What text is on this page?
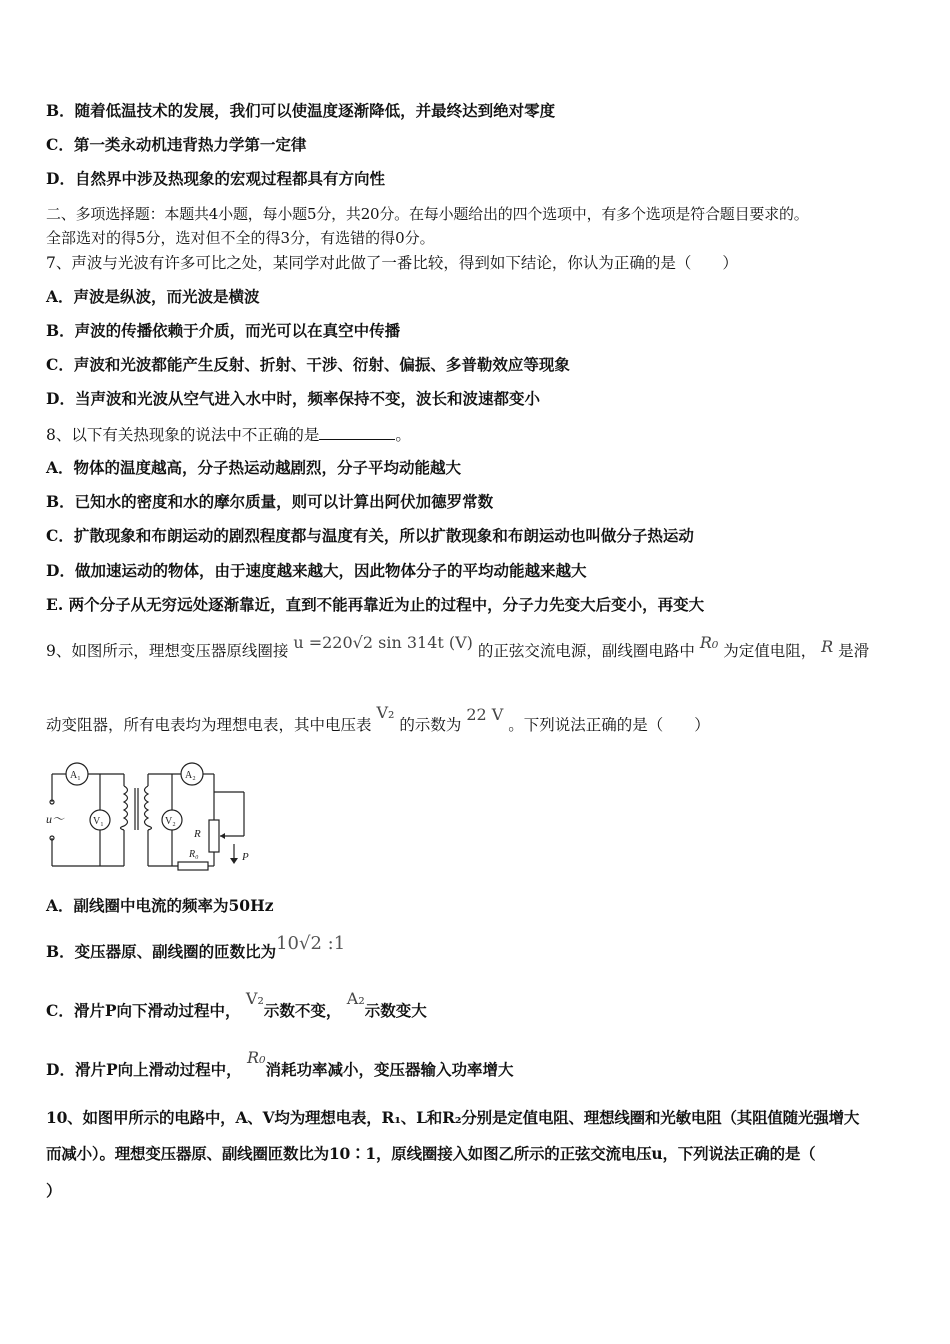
B．随着低温技术的发展，我们可以使温度逐渐降低，并最终达到绝对零度
C．第一类永动机违背热力学第一定律
D．自然界中涉及热现象的宏观过程都具有方向性
二、多项选择题：本题共4小题，每小题5分，共20分。在每小题给出的四个选项中，有多个选项是符合题目要求的。
全部选对的得5分，选对但不全的得3分，有选错的得0分。
7、声波与光波有许多可比之处，某同学对此做了一番比较，得到如下结论，你认为正确的是（　　）
A．声波是纵波，而光波是横波
B．声波的传播依赖于介质，而光可以在真空中传播
C．声波和光波都能产生反射、折射、干涉、衍射、偏振、多普勒效应等现象
D．当声波和光波从空气进入水中时，频率保持不变，波长和波速都变小
8、以下有关热现象的说法中不正确的是	。
A．物体的温度越高，分子热运动越剧烈，分子平均动能越大
B．已知水的密度和水的摩尔质量，则可以计算出阿伏加德罗常数
C．扩散现象和布朗运动的剧烈程度都与温度有关，所以扩散现象和布朗运动也叫做分子热运动
D．做加速运动的物体，由于速度越来越大，因此物体分子的平均动能越来越大
E. 两个分子从无穷远处逐渐靠近，直到不能再靠近为止的过程中，分子力先变大后变小，再变大
9、如图所示，理想变压器原线圈接 u =220√2 sin 314t (V) 的正弦交流电源，副线圈电路中 R₀ 为定值电阻， R 是滑
动变阻器，所有电表均为理想电表，其中电压表 V₂ 的示数为 22 V 。下列说法正确的是（　　）
A₁	A₂
V₁	V₂
u～
R
R₀	P
A．副线圈中电流的频率为50Hz
B．变压器原、副线圈的匝数比为10√2 :1
C．滑片P向下滑动过程中， V₂示数不变， A₂示数变大
D．滑片P向上滑动过程中， R₀消耗功率减小，变压器输入功率增大
10、如图甲所示的电路中，A、V均为理想电表，R₁、L和R₂分别是定值电阻、理想线圈和光敏电阻（其阻值随光强增大
而减小）。理想变压器原、副线圈匝数比为10∶1，原线圈接入如图乙所示的正弦交流电压u，下列说法正确的是（
）
